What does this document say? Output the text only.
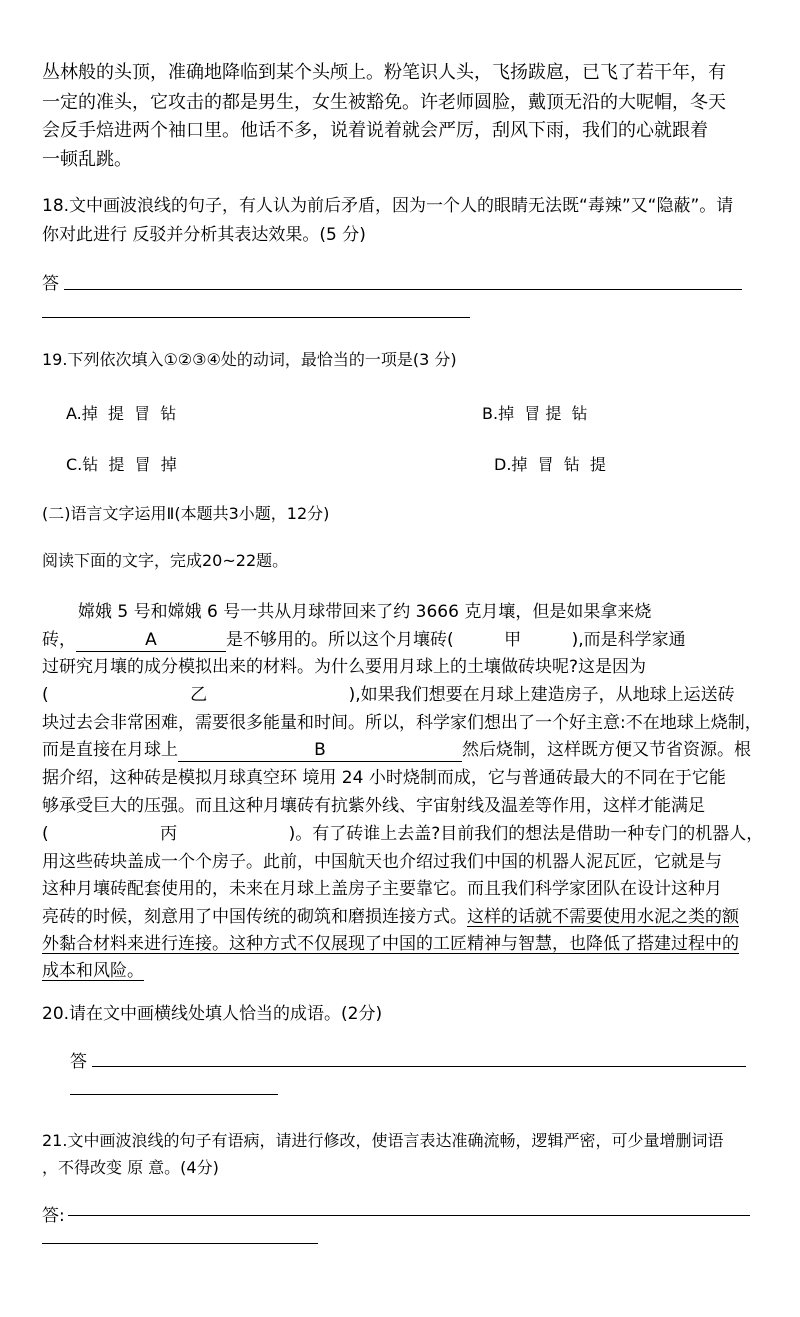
丛林般的头顶，准确地降临到某个头颅上。粉笔识人头，飞扬跋扈，已飞了若干年，有
一定的准头，它攻击的都是男生，女生被豁免。许老师圆脸，戴顶无沿的大呢帽，冬天
会反手焙进两个袖口里。他话不多，说着说着就会严厉，刮风下雨，我们的心就跟着
一顿乱跳。
18.文中画波浪线的句子，有人认为前后矛盾，因为一个人的眼睛无法既“毒辣”又“隐蔽”。请
你对此进行 反驳并分析其表达效果。(5 分)
答
19.下列依次填入①②③④处的动词，最恰当的一项是(3 分)
A.掉  提  冒  钻	B.掉  冒 提  钻
C.钻  提  冒  掉	D.掉  冒  钻  提
(二)语言文字运用Ⅱ(本题共3小题，12分)
阅读下面的文字，完成20~22题。
嫦娥 5 号和嫦娥 6 号一共从月球带回来了约 3666 克月壤，但是如果拿来烧
砖，	A	是不够用的。所以这个月壤砖(	甲	),而是科学家通
过研究月壤的成分模拟出来的材料。为什么要用月球上的土壤做砖块呢?这是因为
(	乙	),如果我们想要在月球上建造房子，从地球上运送砖
块过去会非常困难，需要很多能量和时间。所以，科学家们想出了一个好主意:不在地球上烧制，
而是直接在月球上	B	然后烧制，这样既方便又节省资源。根
据介绍，这种砖是模拟月球真空环 境用 24 小时烧制而成，它与普通砖最大的不同在于它能
够承受巨大的压强。而且这种月壤砖有抗紫外线、宇宙射线及温差等作用，这样才能满足
(	丙	)。有了砖谁上去盖?目前我们的想法是借助一种专门的机器人，
用这些砖块盖成一个个房子。此前，中国航天也介绍过我们中国的机器人泥瓦匠，它就是与
这种月壤砖配套使用的，未来在月球上盖房子主要靠它。而且我们科学家团队在设计这种月
亮砖的时候，刻意用了中国传统的砌筑和磨损连接方式。这样的话就不需要使用水泥之类的额
外黏合材料来进行连接。这种方式不仅展现了中国的工匠精神与智慧，也降低了搭建过程中的
成本和风险。
20.请在文中画横线处填人恰当的成语。(2分)
答
21.文中画波浪线的句子有语病，请进行修改，使语言表达准确流畅，逻辑严密，可少量增删词语
，不得改变 原 意。(4分)
答:
